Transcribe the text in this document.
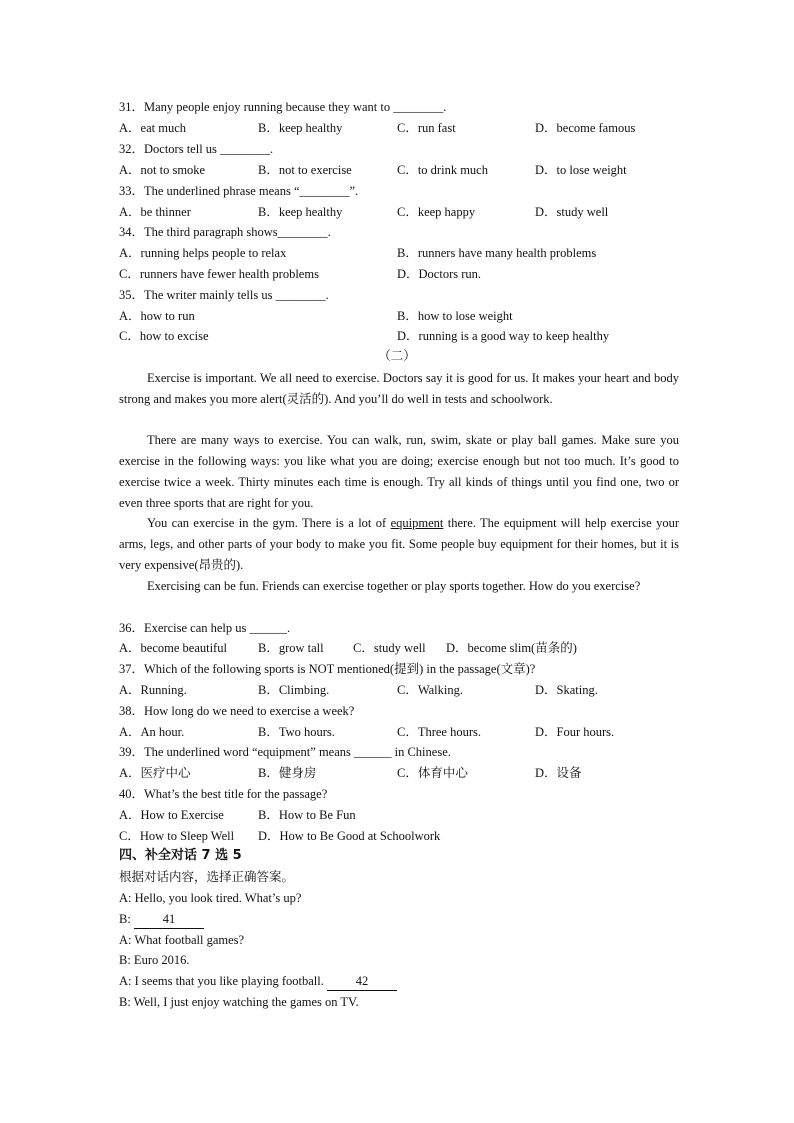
31．Many people enjoy running because they want to ________.
A．eat much	B．keep healthy	C．run fast	D．become famous
32．Doctors tell us ________.
A．not to smoke	B．not to exercise	C．to drink much	D．to lose weight
33．The underlined phrase means “________”.
A．be thinner	B．keep healthy	C．keep happy	D．study well
34．The third paragraph shows________.
A．running helps people to relax	B．runners have many health problems
C．runners have fewer health problems	D．Doctors run.
35．The writer mainly tells us ________.
A．how to run	B．how to lose weight
C．how to excise	D．running is a good way to keep healthy
（二）
Exercise is important. We all need to exercise. Doctors say it is good for us. It makes your heart and body strong and makes you more alert(灵活的). And you’ll do well in tests and schoolwork.
There are many ways to exercise. You can walk, run, swim, skate or play ball games. Make sure you exercise in the following ways: you like what you are doing; exercise enough but not too much. It’s good to exercise twice a week. Thirty minutes each time is enough. Try all kinds of things until you find one, two or even three sports that are right for you.
You can exercise in the gym. There is a lot of equipment there. The equipment will help exercise your arms, legs, and other parts of your body to make you fit. Some people buy equipment for their homes, but it is very expensive(昂贵的).
Exercising can be fun. Friends can exercise together or play sports together. How do you exercise?
36．Exercise can help us ______.
A．become beautiful B．grow tall C．study well D．become slim(苗条的)
37．Which of the following sports is NOT mentioned(提到) in the passage(文章)?
A．Running.	B．Climbing.	C．Walking.	D．Skating.
38．How long do we need to exercise a week?
A．An hour.	B．Two hours.	C．Three hours.	D．Four hours.
39．The underlined word “equipment” means ______ in Chinese.
A．医疗中心	B．健身房	C．体育中心	D．设备
40．What’s the best title for the passage?
A．How to Exercise	B．How to Be Fun
C．How to Sleep Well D．How to Be Good at Schoolwork
四、补全对话 7 选 5
根据对话内容，选择正确答案。
A: Hello, you look tired. What’s up?
B: 41
A: What football games?
B: Euro 2016.
A: I seems that you like playing football. 42
B: Well, I just enjoy watching the games on TV.
